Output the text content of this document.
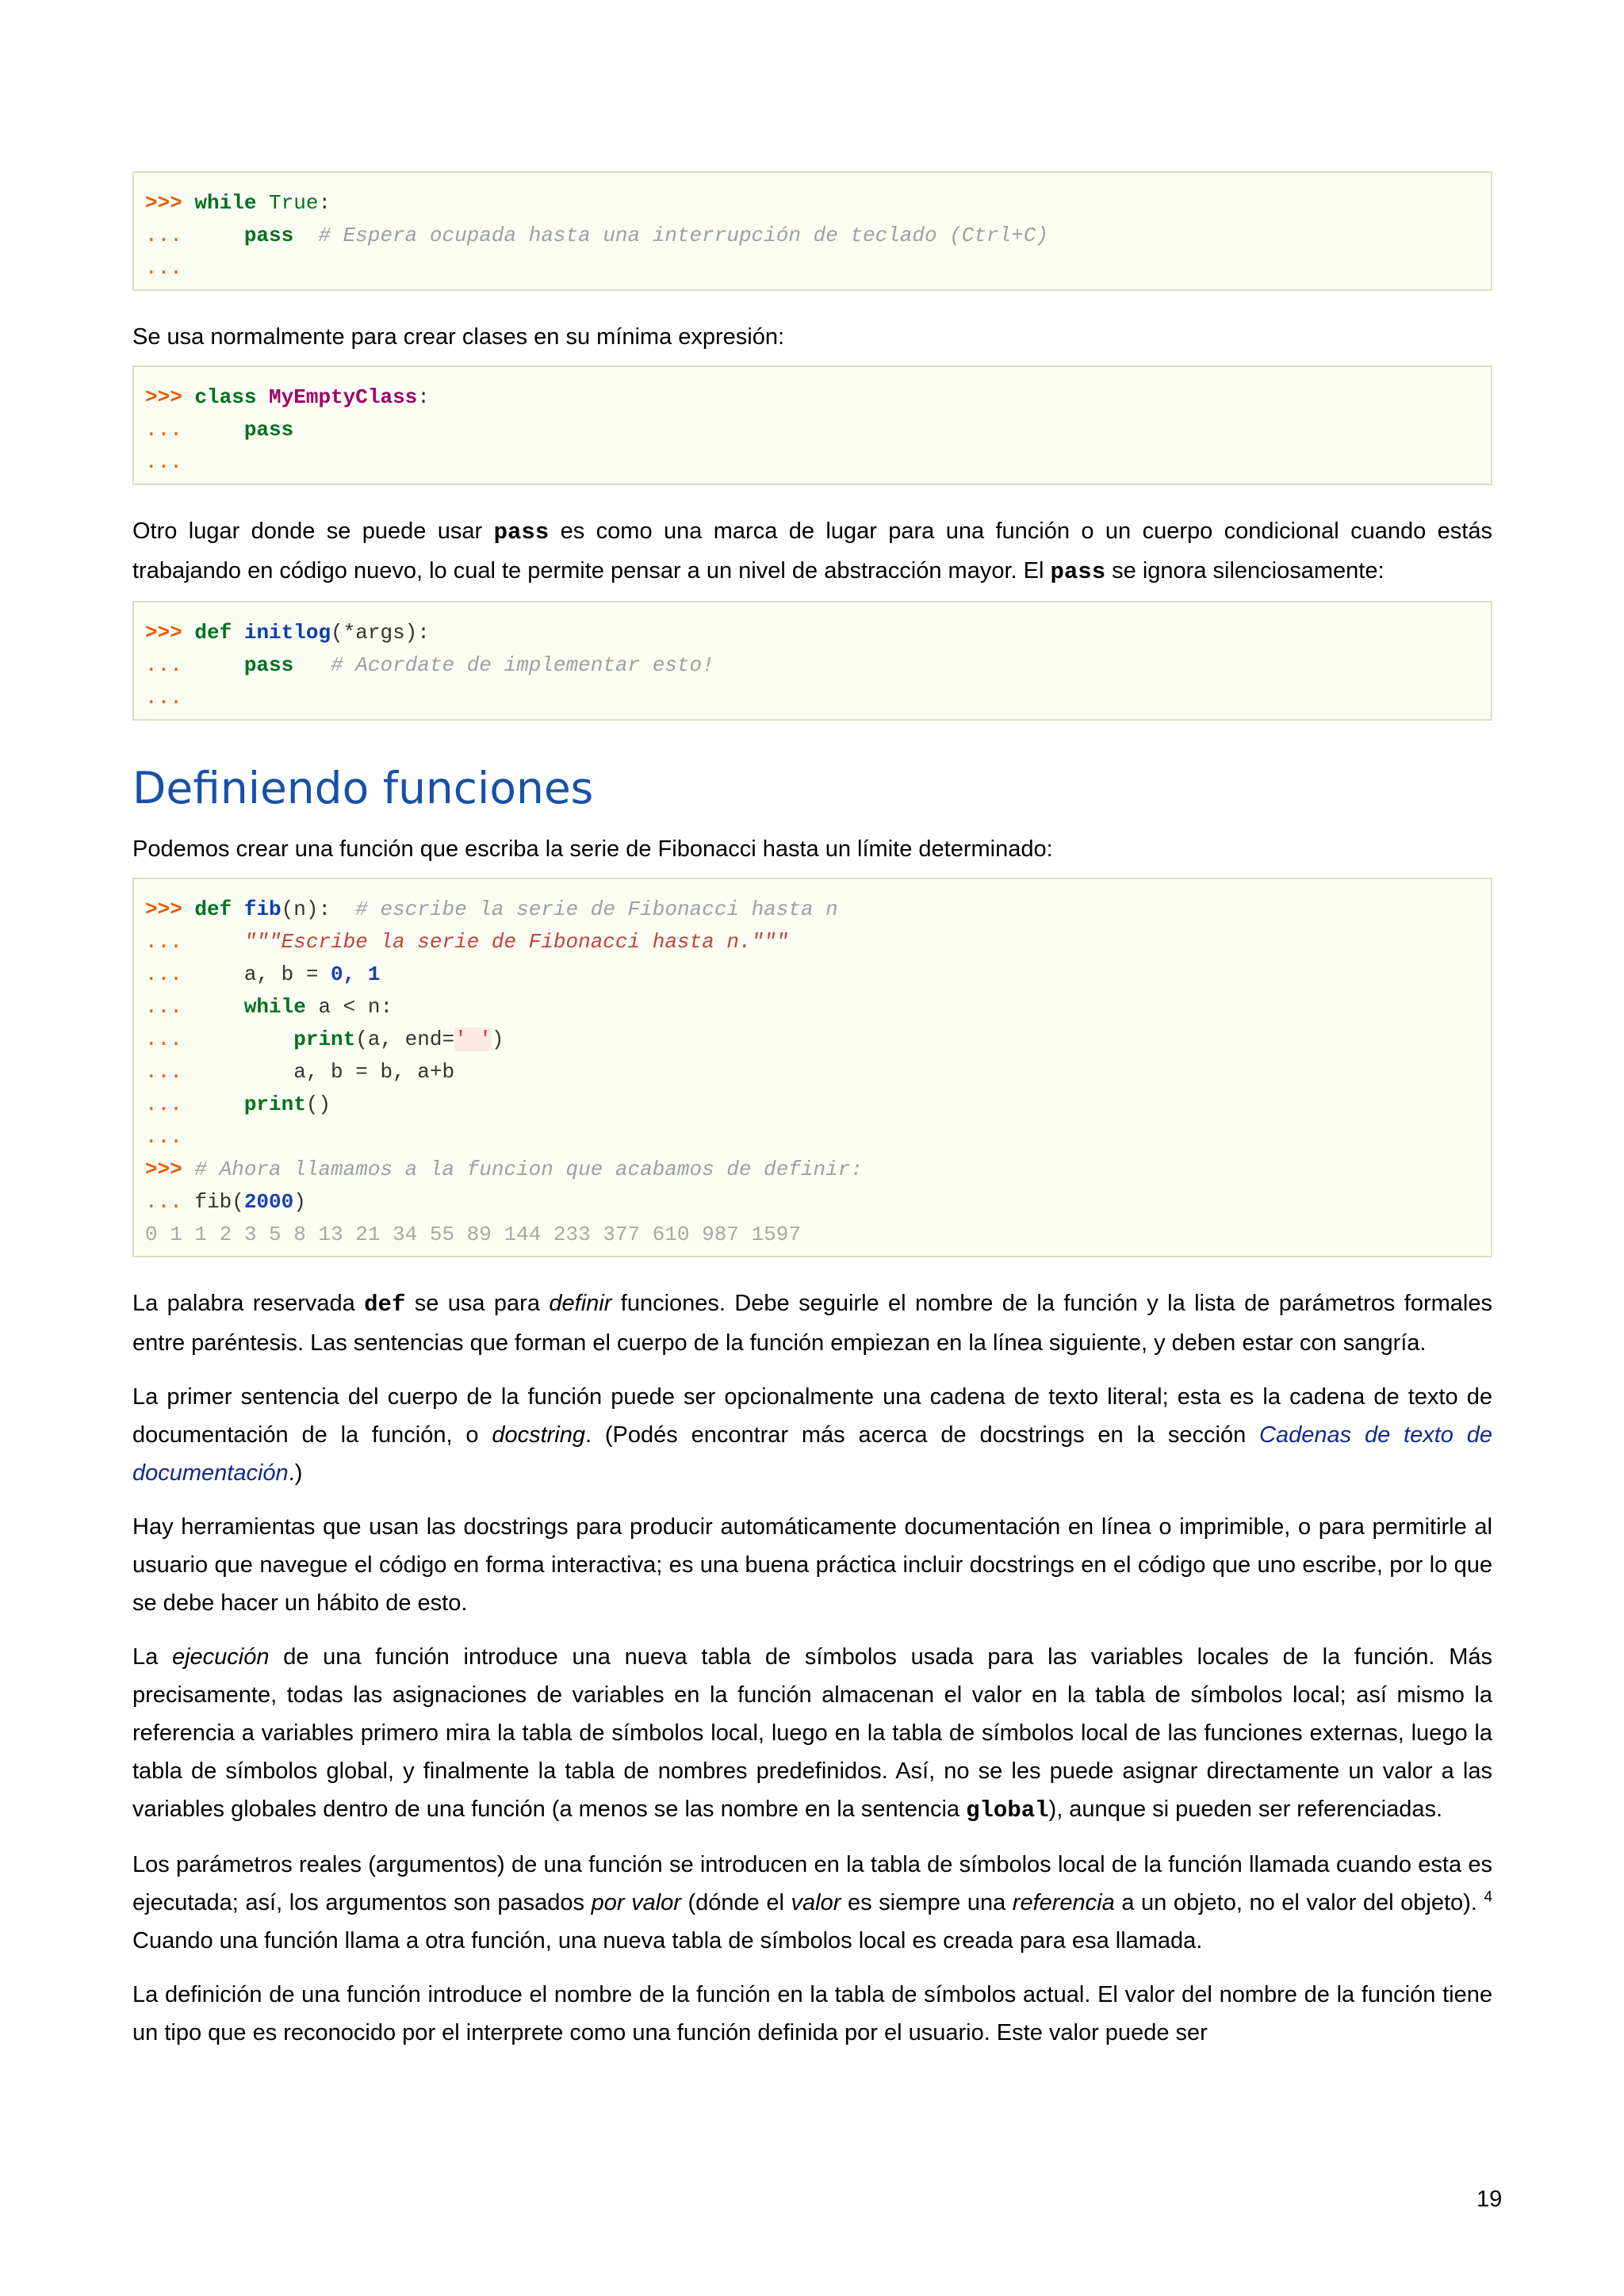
>>> while True:
...	pass # Espera ocupada hasta una interrupción de teclado (Ctrl+C)
...

Se usa normalmente para crear clases en su mínima expresión:

>>> class MyEmptyClass:
...	pass
...

Otro lugar donde se puede usar pass es como una marca de lugar para una función o un cuerpo condicional cuando estás trabajando en código nuevo, lo cual te permite pensar a un nivel de abstracción mayor. El pass se ignora silenciosamente:

>>> def initlog(*args):
...	pass # Acordate de implementar esto!
...
Definiendo funciones

Podemos crear una función que escriba la serie de Fibonacci hasta un límite determinado:

>>> def fib(n):  # escribe la serie de Fibonacci hasta n
...	"""Escribe la serie de Fibonacci hasta n."""
...	a, b = 0, 1
...	while a < n:
...	print(a, end=' ')
...	a, b = b, a+b
...	print()
...
>>> # Ahora llamamos a la funcion que acabamos de definir:
... fib(2000)
0 1 1 2 3 5 8 13 21 34 55 89 144 233 377 610 987 1597

La palabra reservada def se usa para definir funciones. Debe seguirle el nombre de la función y la lista de parámetros formales entre paréntesis. Las sentencias que forman el cuerpo de la función empiezan en la línea siguiente, y deben estar con sangría.

La primer sentencia del cuerpo de la función puede ser opcionalmente una cadena de texto literal; esta es la cadena de texto de documentación de la función, o docstring. (Podés encontrar más acerca de docstrings en la sección Cadenas de texto de documentación.)

Hay herramientas que usan las docstrings para producir automáticamente documentación en línea o imprimible, o para permitirle al usuario que navegue el código en forma interactiva; es una buena práctica incluir docstrings en el código que uno escribe, por lo que se debe hacer un hábito de esto.

La ejecución de una función introduce una nueva tabla de símbolos usada para las variables locales de la función. Más precisamente, todas las asignaciones de variables en la función almacenan el valor en la tabla de símbolos local; así mismo la referencia a variables primero mira la tabla de símbolos local, luego en la tabla de símbolos local de las funciones externas, luego la tabla de símbolos global, y finalmente la tabla de nombres predefinidos. Así, no se les puede asignar directamente un valor a las variables globales dentro de una función (a menos se las nombre en la sentencia global), aunque si pueden ser referenciadas.

Los parámetros reales (argumentos) de una función se introducen en la tabla de símbolos local de la función llamada cuando esta es ejecutada; así, los argumentos son pasados por valor (dónde el valor es siempre una referencia a un objeto, no el valor del objeto). $^4$ Cuando una función llama a otra función, una nueva tabla de símbolos local es creada para esa llamada.

La definición de una función introduce el nombre de la función en la tabla de símbolos actual. El valor del nombre de la función tiene un tipo que es reconocido por el interprete como una función definida por el usuario. Este valor puede ser

19
